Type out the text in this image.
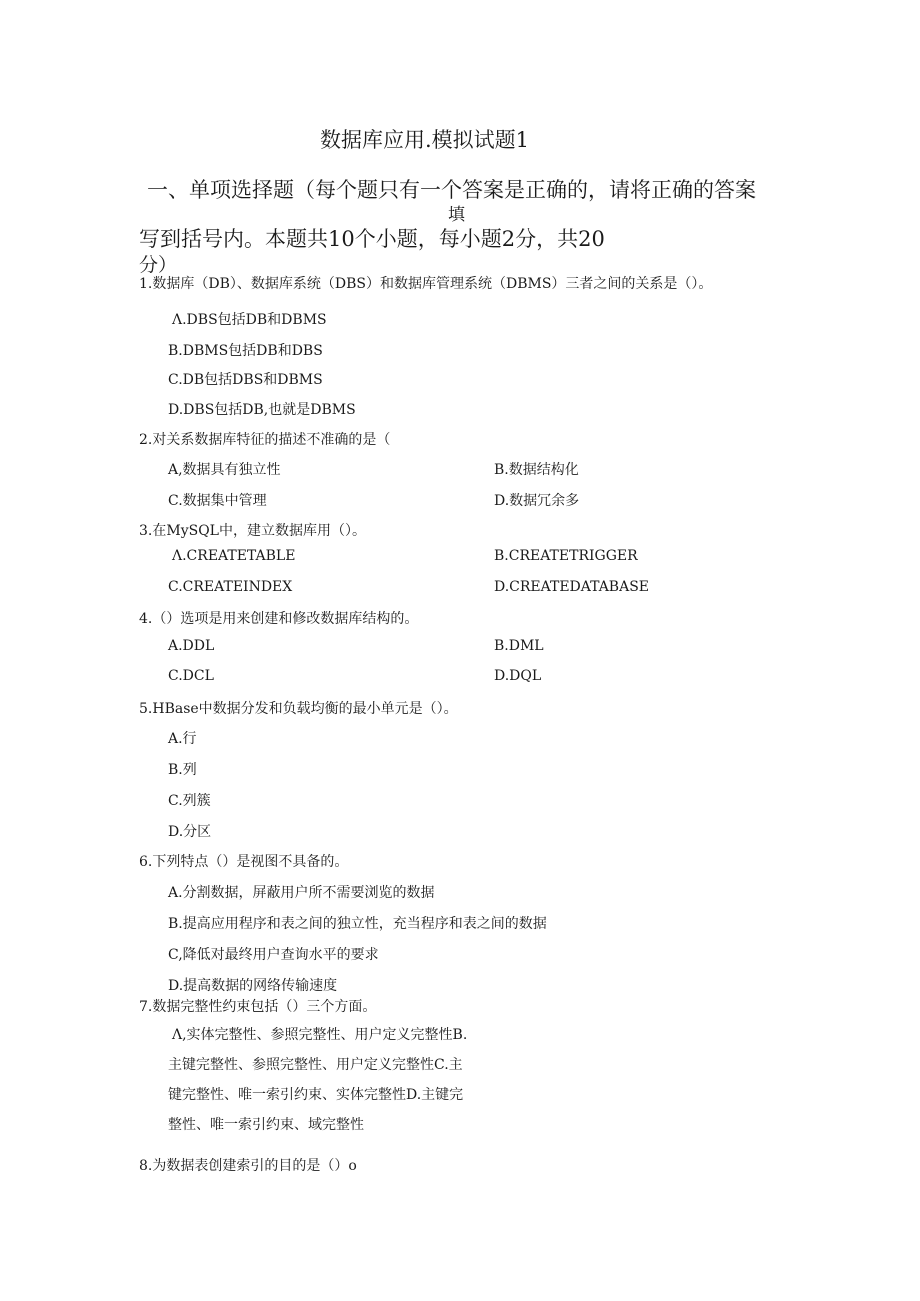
数据库应用.模拟试题1
一、单项选择题（每个题只有一个答案是正确的，请将正确的答案
填
写到括号内。本题共10个小题，每小题2分，共20
分）
1.数据库（DB）、数据库系统（DBS）和数据库管理系统（DBMS）三者之间的关系是（）。
Λ.DBS包括DB和DBMS
B.DBMS包括DB和DBS
C.DB包括DBS和DBMS
D.DBS包括DB,也就是DBMS
2.对关系数据库特征的描述不准确的是（
A,数据具有独立性	B.数据结构化
C.数据集中管理	D.数据冗余多
3.在MySQL中，建立数据库用（）。
Λ.CREATETABLE	B.CREATETRIGGER
C.CREATEINDEX	D.CREATEDATABASE
4.（）选项是用来创建和修改数据库结构的。
A.DDL	B.DML
C.DCL	D.DQL
5.HBase中数据分发和负载均衡的最小单元是（）。
A.行
B.列
C.列簇
D.分区
6.下列特点（）是视图不具备的。
A.分割数据，屏蔽用户所不需要浏览的数据
B.提高应用程序和表之间的独立性，充当程序和表之间的数据
C,降低对最终用户查询水平的要求
D.提高数据的网络传输速度
7.数据完整性约束包括（）三个方面。
Λ,实体完整性、参照完整性、用户定义完整性B.
主键完整性、参照完整性、用户定义完整性C.主
键完整性、唯一索引约束、实体完整性D.主键完
整性、唯一索引约束、域完整性
8.为数据表创建索引的目的是（）o
